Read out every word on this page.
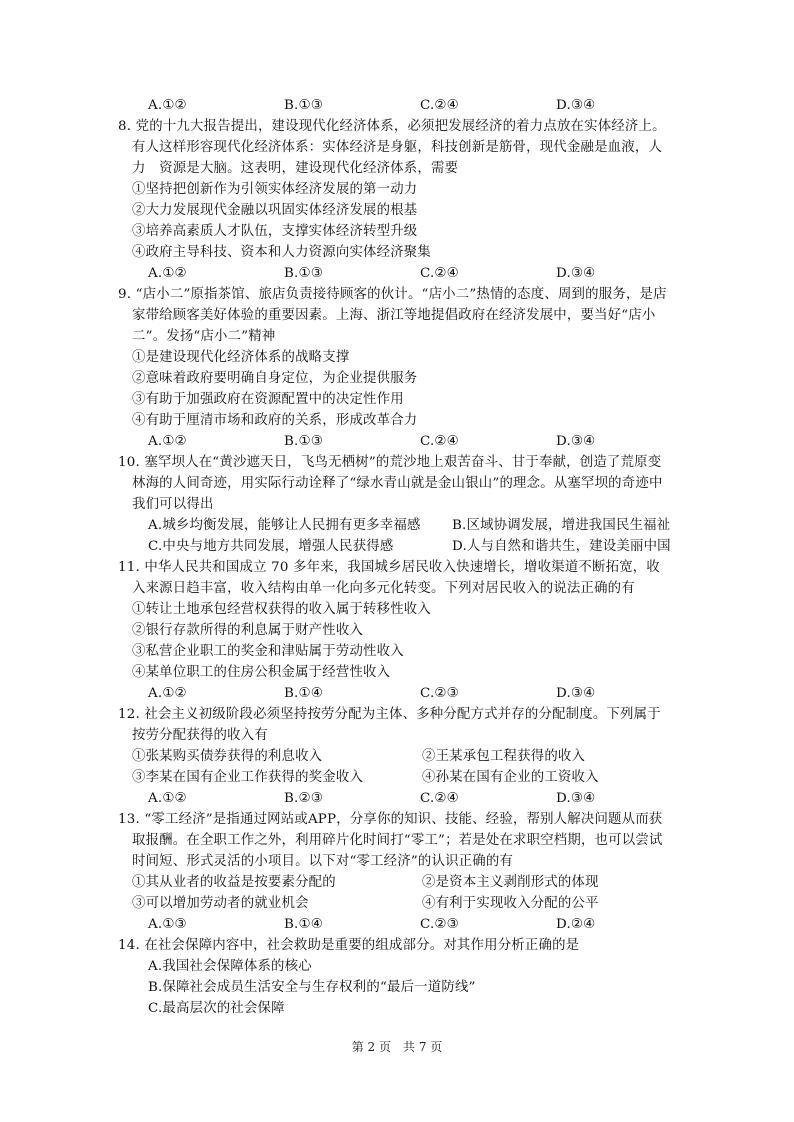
A.①②	B.①③	C.②④	D.③④
8. 党的十九大报告提出，建设现代化经济体系，必须把发展经济的着力点放在实体经济上。
有人这样形容现代化经济体系：实体经济是身躯，科技创新是筋骨，现代金融是血液，人
力　资源是大脑。这表明，建设现代化经济体系，需要
①坚持把创新作为引领实体经济发展的第一动力
②大力发展现代金融以巩固实体经济发展的根基
③培养高素质人才队伍，支撑实体经济转型升级
④政府主导科技、资本和人力资源向实体经济聚集
A.①②	B.①③	C.②④	D.③④
9. “店小二”原指茶馆、旅店负责接待顾客的伙计。“店小二”热情的态度、周到的服务，是店
家带给顾客美好体验的重要因素。上海、浙江等地提倡政府在经济发展中，要当好“店小
二”。发扬“店小二”精神
①是建设现代化经济体系的战略支撑
②意味着政府要明确自身定位，为企业提供服务
③有助于加强政府在资源配置中的决定性作用
④有助于厘清市场和政府的关系，形成改革合力
A.①②	B.①③	C.②④	D.③④
10. 塞罕坝人在“黄沙遮天日，飞鸟无栖树”的荒沙地上艰苦奋斗、甘于奉献，创造了荒原变
林海的人间奇迹，用实际行动诠释了“绿水青山就是金山银山”的理念。从塞罕坝的奇迹中
我们可以得出
A.城乡均衡发展，能够让人民拥有更多幸福感	B.区域协调发展，增进我国民生福祉
C.中央与地方共同发展，增强人民获得感	D.人与自然和谐共生，建设美丽中国
11. 中华人民共和国成立 70 多年来，我国城乡居民收入快速增长，增收渠道不断拓宽，收
入来源日趋丰富，收入结构由单一化向多元化转变。下列对居民收入的说法正确的有
①转让土地承包经营权获得的收入属于转移性收入
②银行存款所得的利息属于财产性收入
③私营企业职工的奖金和津贴属于劳动性收入
④某单位职工的住房公积金属于经营性收入
A.①②	B.①④	C.②③	D.③④
12. 社会主义初级阶段必须坚持按劳分配为主体、多种分配方式并存的分配制度。下列属于
按劳分配获得的收入有
①张某购买债券获得的利息收入	②王某承包工程获得的收入
③李某在国有企业工作获得的奖金收入	④孙某在国有企业的工资收入
A.①②	B.②③	C.②④	D.③④
13. “零工经济”是指通过网站或APP，分享你的知识、技能、经验，帮别人解决问题从而获
取报酬。在全职工作之外，利用碎片化时间打“零工”；若是处在求职空档期，也可以尝试
时间短、形式灵活的小项目。以下对“零工经济”的认识正确的有
①其从业者的收益是按要素分配的	②是资本主义剥削形式的体现
③可以增加劳动者的就业机会	④有利于实现收入分配的公平
A.①③	B.①④	C.②③	D.②④
14. 在社会保障内容中，社会救助是重要的组成部分。对其作用分析正确的是
A.我国社会保障体系的核心
B.保障社会成员生活安全与生存权利的“最后一道防线”
C.最高层次的社会保障
第 2 页　共 7 页
